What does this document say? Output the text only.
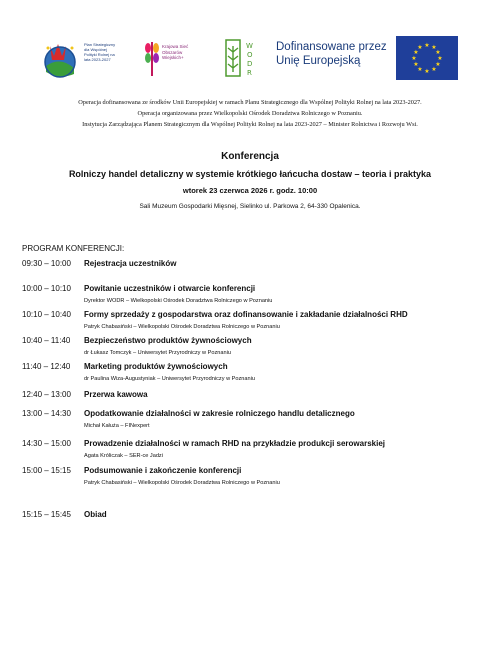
Plan Strategiczny dla Wspólnej Polityki Rolnej na lata 2023-2027
Krajowa Sieć Obszarów Wiejskich+
W
O
D
R
Dofinansowane przez
Unię Europejską
★ ★
★
★
★
★
★
★
★
★
★
★

Operacja dofinansowana ze środków Unii Europejskiej w ramach Planu Strategicznego dla Wspólnej Polityki Rolnej na lata 2023-2027.

Operacja organizowana przez Wielkopolski Ośrodek Doradztwa Rolniczego w Poznaniu.

Instytucja Zarządzająca Planem Strategicznym dla Wspólnej Polityki Rolnej na lata 2023-2027 – Minister Rolnictwa i Rozwoju Wsi.

Konferencja
Rolniczy handel detaliczny w systemie krótkiego łańcucha dostaw – teoria i praktyka
wtorek 23 czerwca 2026 r. godz. 10:00
Sali Muzeum Gospodarki Mięsnej, Sielinko ul. Parkowa 2, 64-330 Opalenica.
PROGRAM KONFERENCJI:
09:30 – 10:00 Rejestracja uczestników
10:00 – 10:10 Powitanie uczestników i otwarcie konferencji
Dyrektor WODR – Wielkopolski Ośrodek Doradztwa Rolniczego w Poznaniu
10:10 – 10:40 Formy sprzedaży z gospodarstwa oraz dofinansowanie i zakładanie działalności RHD
Patryk Chabasiński – Wielkopolski Ośrodek Doradztwa Rolniczego w Poznaniu
10:40 – 11:40 Bezpieczeństwo produktów żywnościowych
dr Łukasz Tomczyk – Uniwersytet Przyrodniczy w Poznaniu
11:40 – 12:40 Marketing produktów żywnościowych
dr Paulina Wiza-Augustyniak – Uniwersytet Przyrodniczy w Poznaniu
12:40 – 13:00 Przerwa kawowa
13:00 – 14:30 Opodatkowanie działalności w zakresie rolniczego handlu detalicznego
Michał Kałuża – FINexpert
14:30 – 15:00 Prowadzenie działalności w ramach RHD na przykładzie produkcji serowarskiej
Agata Króliczak – SER-ce Jadzi
15:00 – 15:15 Podsumowanie i zakończenie konferencji
Patryk Chabasiński – Wielkopolski Ośrodek Doradztwa Rolniczego w Poznaniu
15:15 – 15:45 Obiad
